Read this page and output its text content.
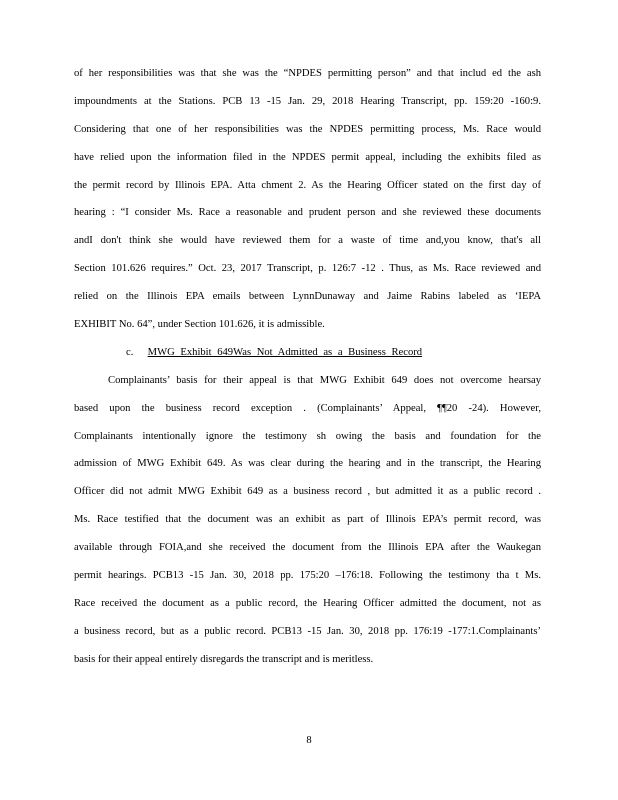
of her responsibilities was that she was the “NPDES permitting person” and that includ ed the ash
impoundments at the Stations. PCB 13 -15 Jan. 29, 2018 Hearing Transcript, pp. 159:20 -160:9.
Considering that one of her responsibilities was the NPDES permitting process, Ms. Race would
have relied upon the information filed in the NPDES permit appeal, including the exhibits filed as
the permit record by Illinois EPA. Atta chment 2. As the Hearing Officer stated on the first day of
hearing : “I consider Ms. Race a reasonable and prudent person and she reviewed these documents
andI don't think she would have reviewed them for a waste of time and,you know, that's all
Section 101.626 requires.” Oct. 23, 2017 Transcript, p. 126:7 -12 . Thus, as Ms. Race reviewed and
relied on the Illinois EPA emails between LynnDunaway and Jaime Rabins labeled as ‘IEPA
EXHIBIT No. 64”, under Section 101.626, it is admissible.
c. MWG Exhibit 649Was Not Admitted as a Business Record
Complainants’ basis for their appeal is that MWG Exhibit 649 does not overcome hearsay
based upon the business record exception . (Complainants’ Appeal, ¶¶20 -24). However,
Complainants intentionally ignore the testimony sh owing the basis and foundation for the
admission of MWG Exhibit 649. As was clear during the hearing and in the transcript, the Hearing
Officer did not admit MWG Exhibit 649 as a business record , but admitted it as a public record .
Ms. Race testified that the document was an exhibit as part of Illinois EPA’s permit record, was
available through FOIA,and she received the document from the Illinois EPA after the Waukegan
permit hearings. PCB13 -15 Jan. 30, 2018 pp. 175:20 –176:18. Following the testimony tha t Ms.
Race received the document as a public record, the Hearing Officer admitted the document, not as
a business record, but as a public record. PCB13 -15 Jan. 30, 2018 pp. 176:19 -177:1.Complainants’
basis for their appeal entirely disregards the transcript and is meritless.
8
